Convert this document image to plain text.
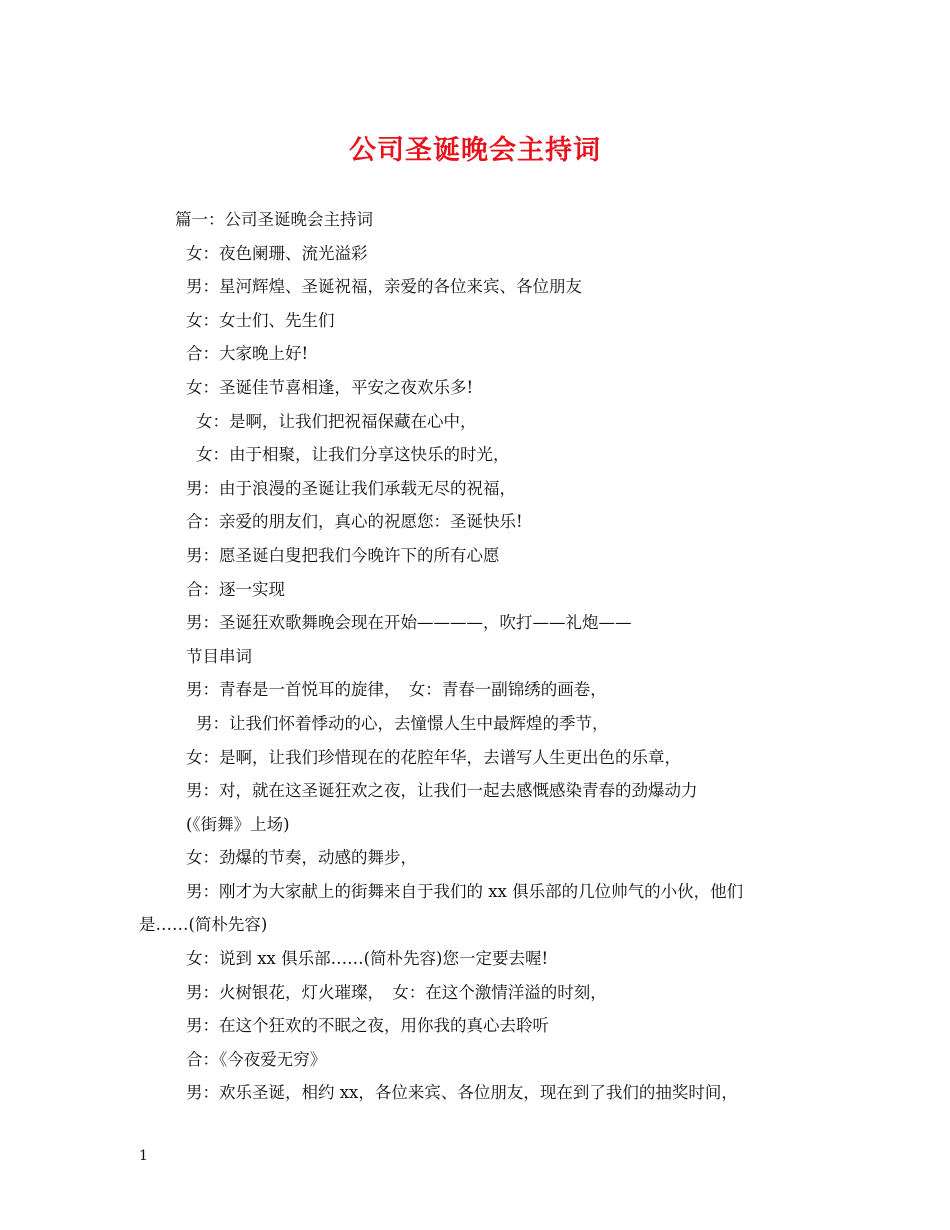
公司圣诞晚会主持词
篇一：公司圣诞晚会主持词
女：夜色阑珊、流光溢彩
男：星河辉煌、圣诞祝福，亲爱的各位来宾、各位朋友
女：女士们、先生们
合：大家晚上好!
女：圣诞佳节喜相逢，平安之夜欢乐多!
女：是啊，让我们把祝福保藏在心中，
女：由于相聚，让我们分享这快乐的时光，
男：由于浪漫的圣诞让我们承载无尽的祝福，
合：亲爱的朋友们，真心的祝愿您：圣诞快乐!
男：愿圣诞白叟把我们今晚许下的所有心愿
合：逐一实现
男：圣诞狂欢歌舞晚会现在开始————，吹打——礼炮——
节目串词
男：青春是一首悦耳的旋律，　女：青春一副锦绣的画卷，
男：让我们怀着悸动的心，去憧憬人生中最辉煌的季节，
女：是啊，让我们珍惜现在的花腔年华，去谱写人生更出色的乐章，
男：对，就在这圣诞狂欢之夜，让我们一起去感慨感染青春的劲爆动力
(《街舞》上场)
女：劲爆的节奏，动感的舞步，
男：刚才为大家献上的街舞来自于我们的 xx 俱乐部的几位帅气的小伙，他们
是……(简朴先容)
女：说到 xx 俱乐部……(简朴先容)您一定要去喔!
男：火树银花，灯火璀璨，　女：在这个激情洋溢的时刻，
男：在这个狂欢的不眠之夜，用你我的真心去聆听
合：《今夜爱无穷》
男：欢乐圣诞，相约 xx，各位来宾、各位朋友，现在到了我们的抽奖时间，
1
